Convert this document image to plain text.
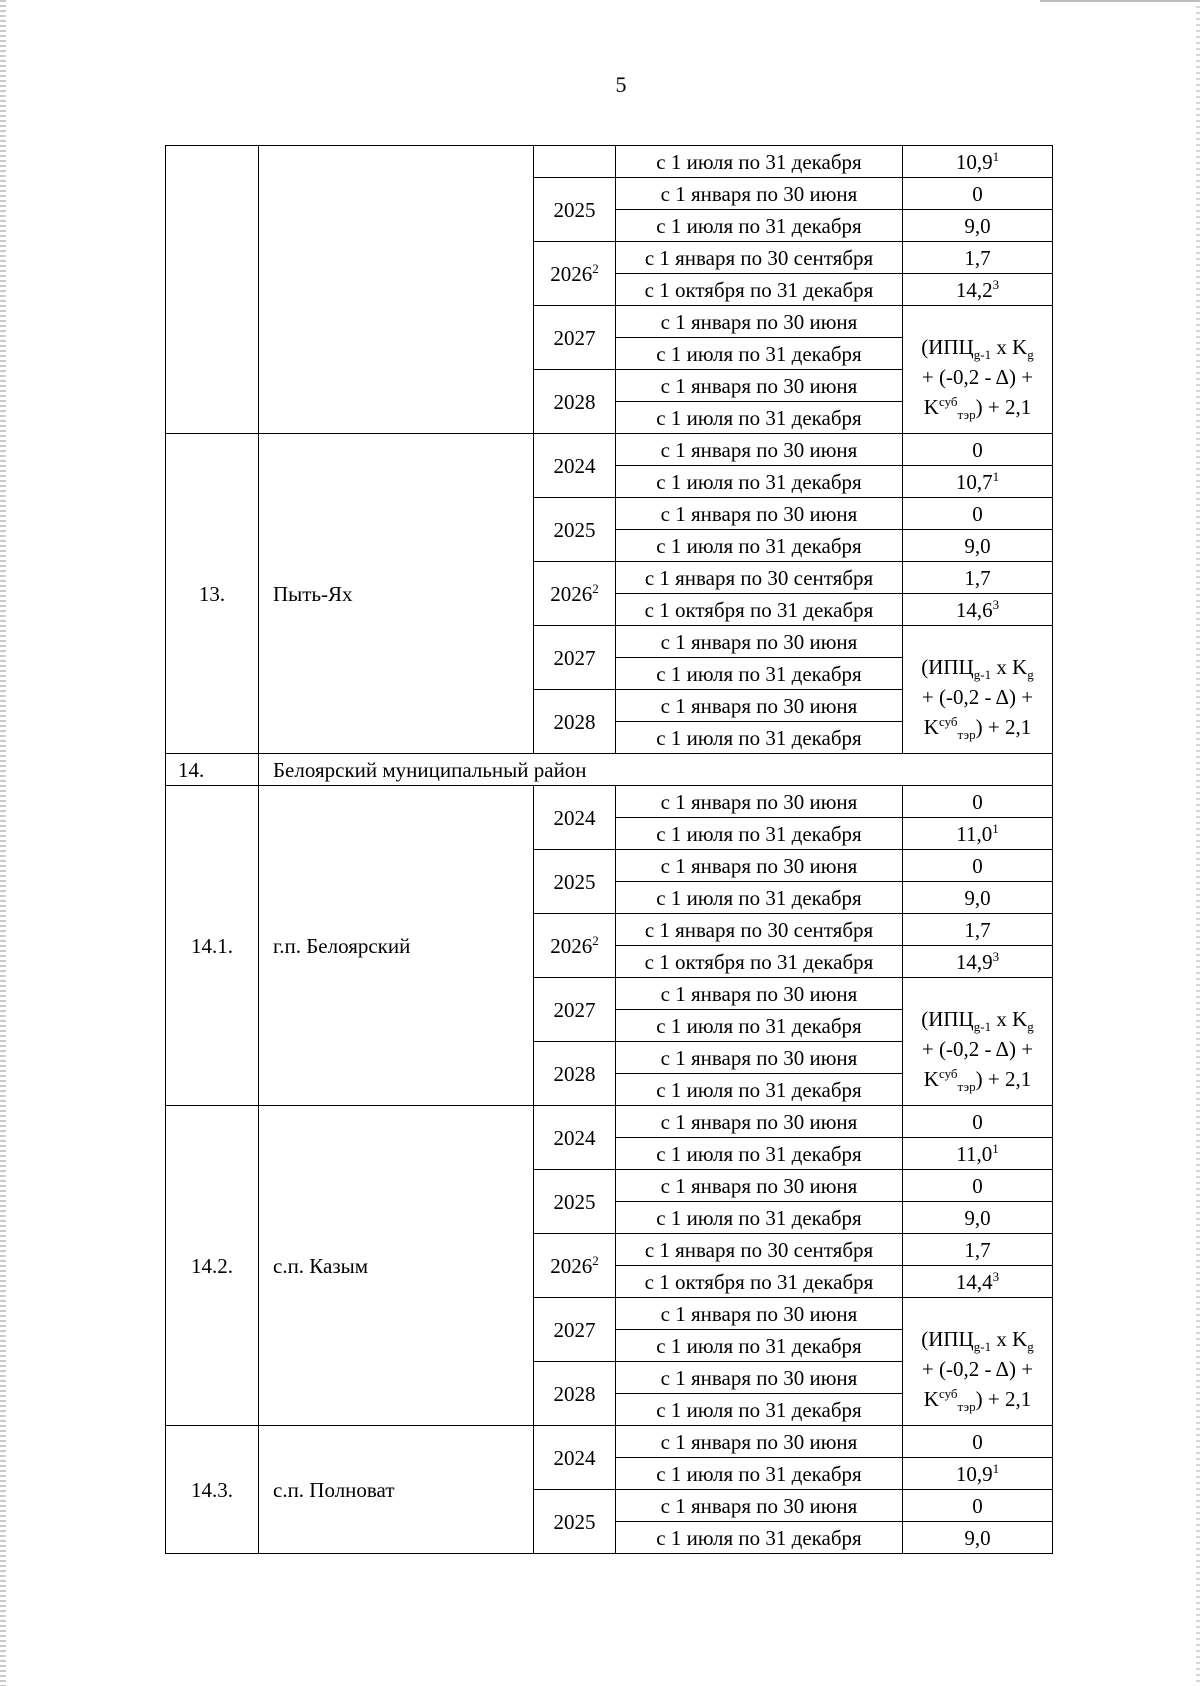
5
			с 1 июля по 31 декабря	10,9$^1$
		2025	с 1 января по 30 июня	0
			с 1 июля по 31 декабря	9,0
		2026$^2$	с 1 января по 30 сентября	1,7
			с 1 октября по 31 декабря	14,2$^3$
		2027	с 1 января по 30 июня	($ИПЦ_{g-1}$ x $K_g$
+ (-0,2 - Δ) +
$K^{суб}_{тэр}) + 2,1$

			с 1 июля по 31 декабря	
		2028	с 1 января по 30 июня	
			с 1 июля по 31 декабря	
13.	Пыть-Ях	2024	с 1 января по 30 июня	0
			с 1 июля по 31 декабря	10,7$^1$
		2025	с 1 января по 30 июня	0
			с 1 июля по 31 декабря	9,0
		2026$^2$	с 1 января по 30 сентября	1,7
			с 1 октября по 31 декабря	14,6$^3$
		2027	с 1 января по 30 июня	($ИПЦ_{g-1}$ x $K_g$
+ (-0,2 - Δ) +
$K^{суб}_{тэр}) + 2,1$

			с 1 июля по 31 декабря	
		2028	с 1 января по 30 июня	
			с 1 июля по 31 декабря	
14.	Белоярский муниципальный район			
14.1.	г.п. Белоярский	2024	с 1 января по 30 июня	0
			с 1 июля по 31 декабря	11,0$^1$
		2025	с 1 января по 30 июня	0
			с 1 июля по 31 декабря	9,0
		2026$^2$	с 1 января по 30 сентября	1,7
			с 1 октября по 31 декабря	14,9$^3$
		2027	с 1 января по 30 июня	($ИПЦ_{g-1}$ x $K_g$
+ (-0,2 - Δ) +
$K^{суб}_{тэр}) + 2,1$

			с 1 июля по 31 декабря	
		2028	с 1 января по 30 июня	
			с 1 июля по 31 декабря	
14.2.	с.п. Казым	2024	с 1 января по 30 июня	0
			с 1 июля по 31 декабря	11,0$^1$
		2025	с 1 января по 30 июня	0
			с 1 июля по 31 декабря	9,0
		2026$^2$	с 1 января по 30 сентября	1,7
			с 1 октября по 31 декабря	14,4$^3$
		2027	с 1 января по 30 июня	($ИПЦ_{g-1}$ x $K_g$
+ (-0,2 - Δ) +
$K^{суб}_{тэр}) + 2,1$

			с 1 июля по 31 декабря	
		2028	с 1 января по 30 июня	
			с 1 июля по 31 декабря	
14.3.	с.п. Полноват	2024	с 1 января по 30 июня	0
			с 1 июля по 31 декабря	10,9$^1$
		2025	с 1 января по 30 июня	0
			с 1 июля по 31 декабря	9,0
